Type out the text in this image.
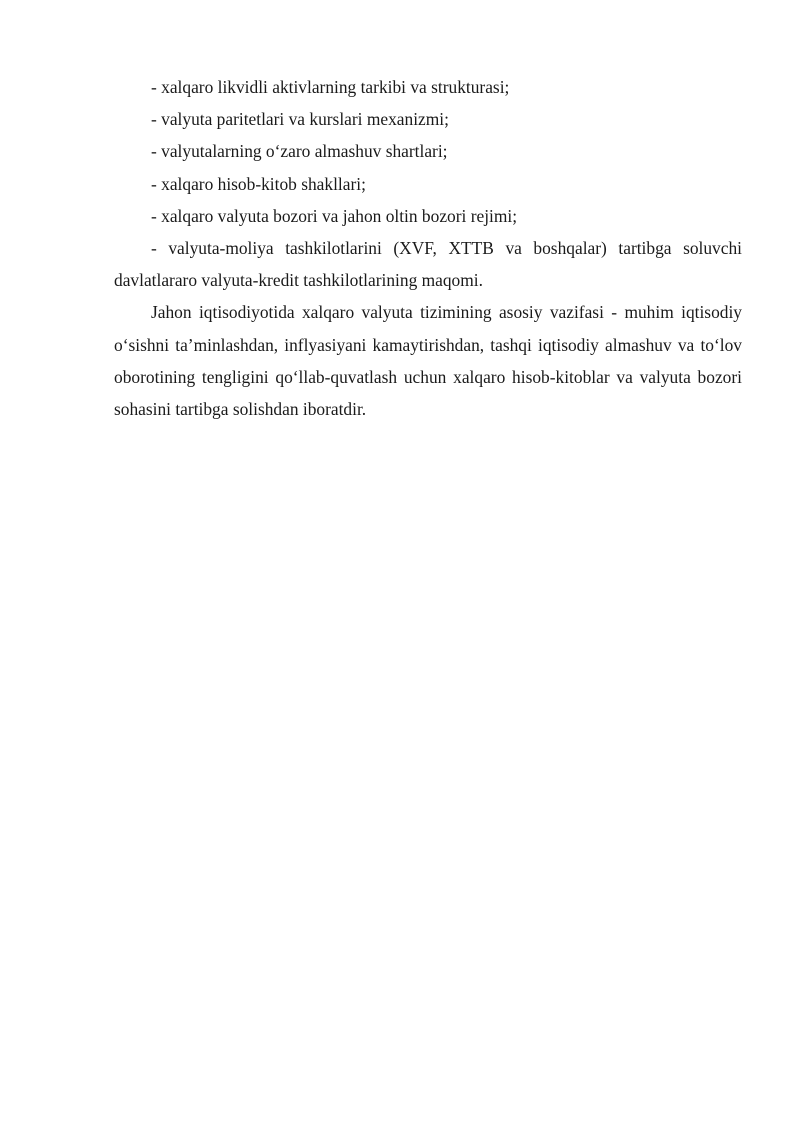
- xalqaro likvidli aktivlarning tarkibi va strukturasi;

- valyuta paritetlari va kurslari mexanizmi;

- valyutalarning o‘zaro almashuv shartlari;

- xalqaro hisob-kitob shakllari;

- xalqaro valyuta bozori va jahon oltin bozori rejimi;

- valyuta-moliya tashkilotlarini (XVF, XTTB va boshqalar) tartibga soluvchi davlatlararo valyuta-kredit tashkilotlarining maqomi.

Jahon iqtisodiyotida xalqaro valyuta tizimining asosiy vazifasi - muhim iqtisodiy o‘sishni ta’minlashdan, inflyasiyani kamaytirishdan, tashqi iqtisodiy almashuv va to‘lov oborotining tengligini qo‘llab-quvatlash uchun xalqaro hisob-kitoblar va valyuta bozori sohasini tartibga solishdan iboratdir.
